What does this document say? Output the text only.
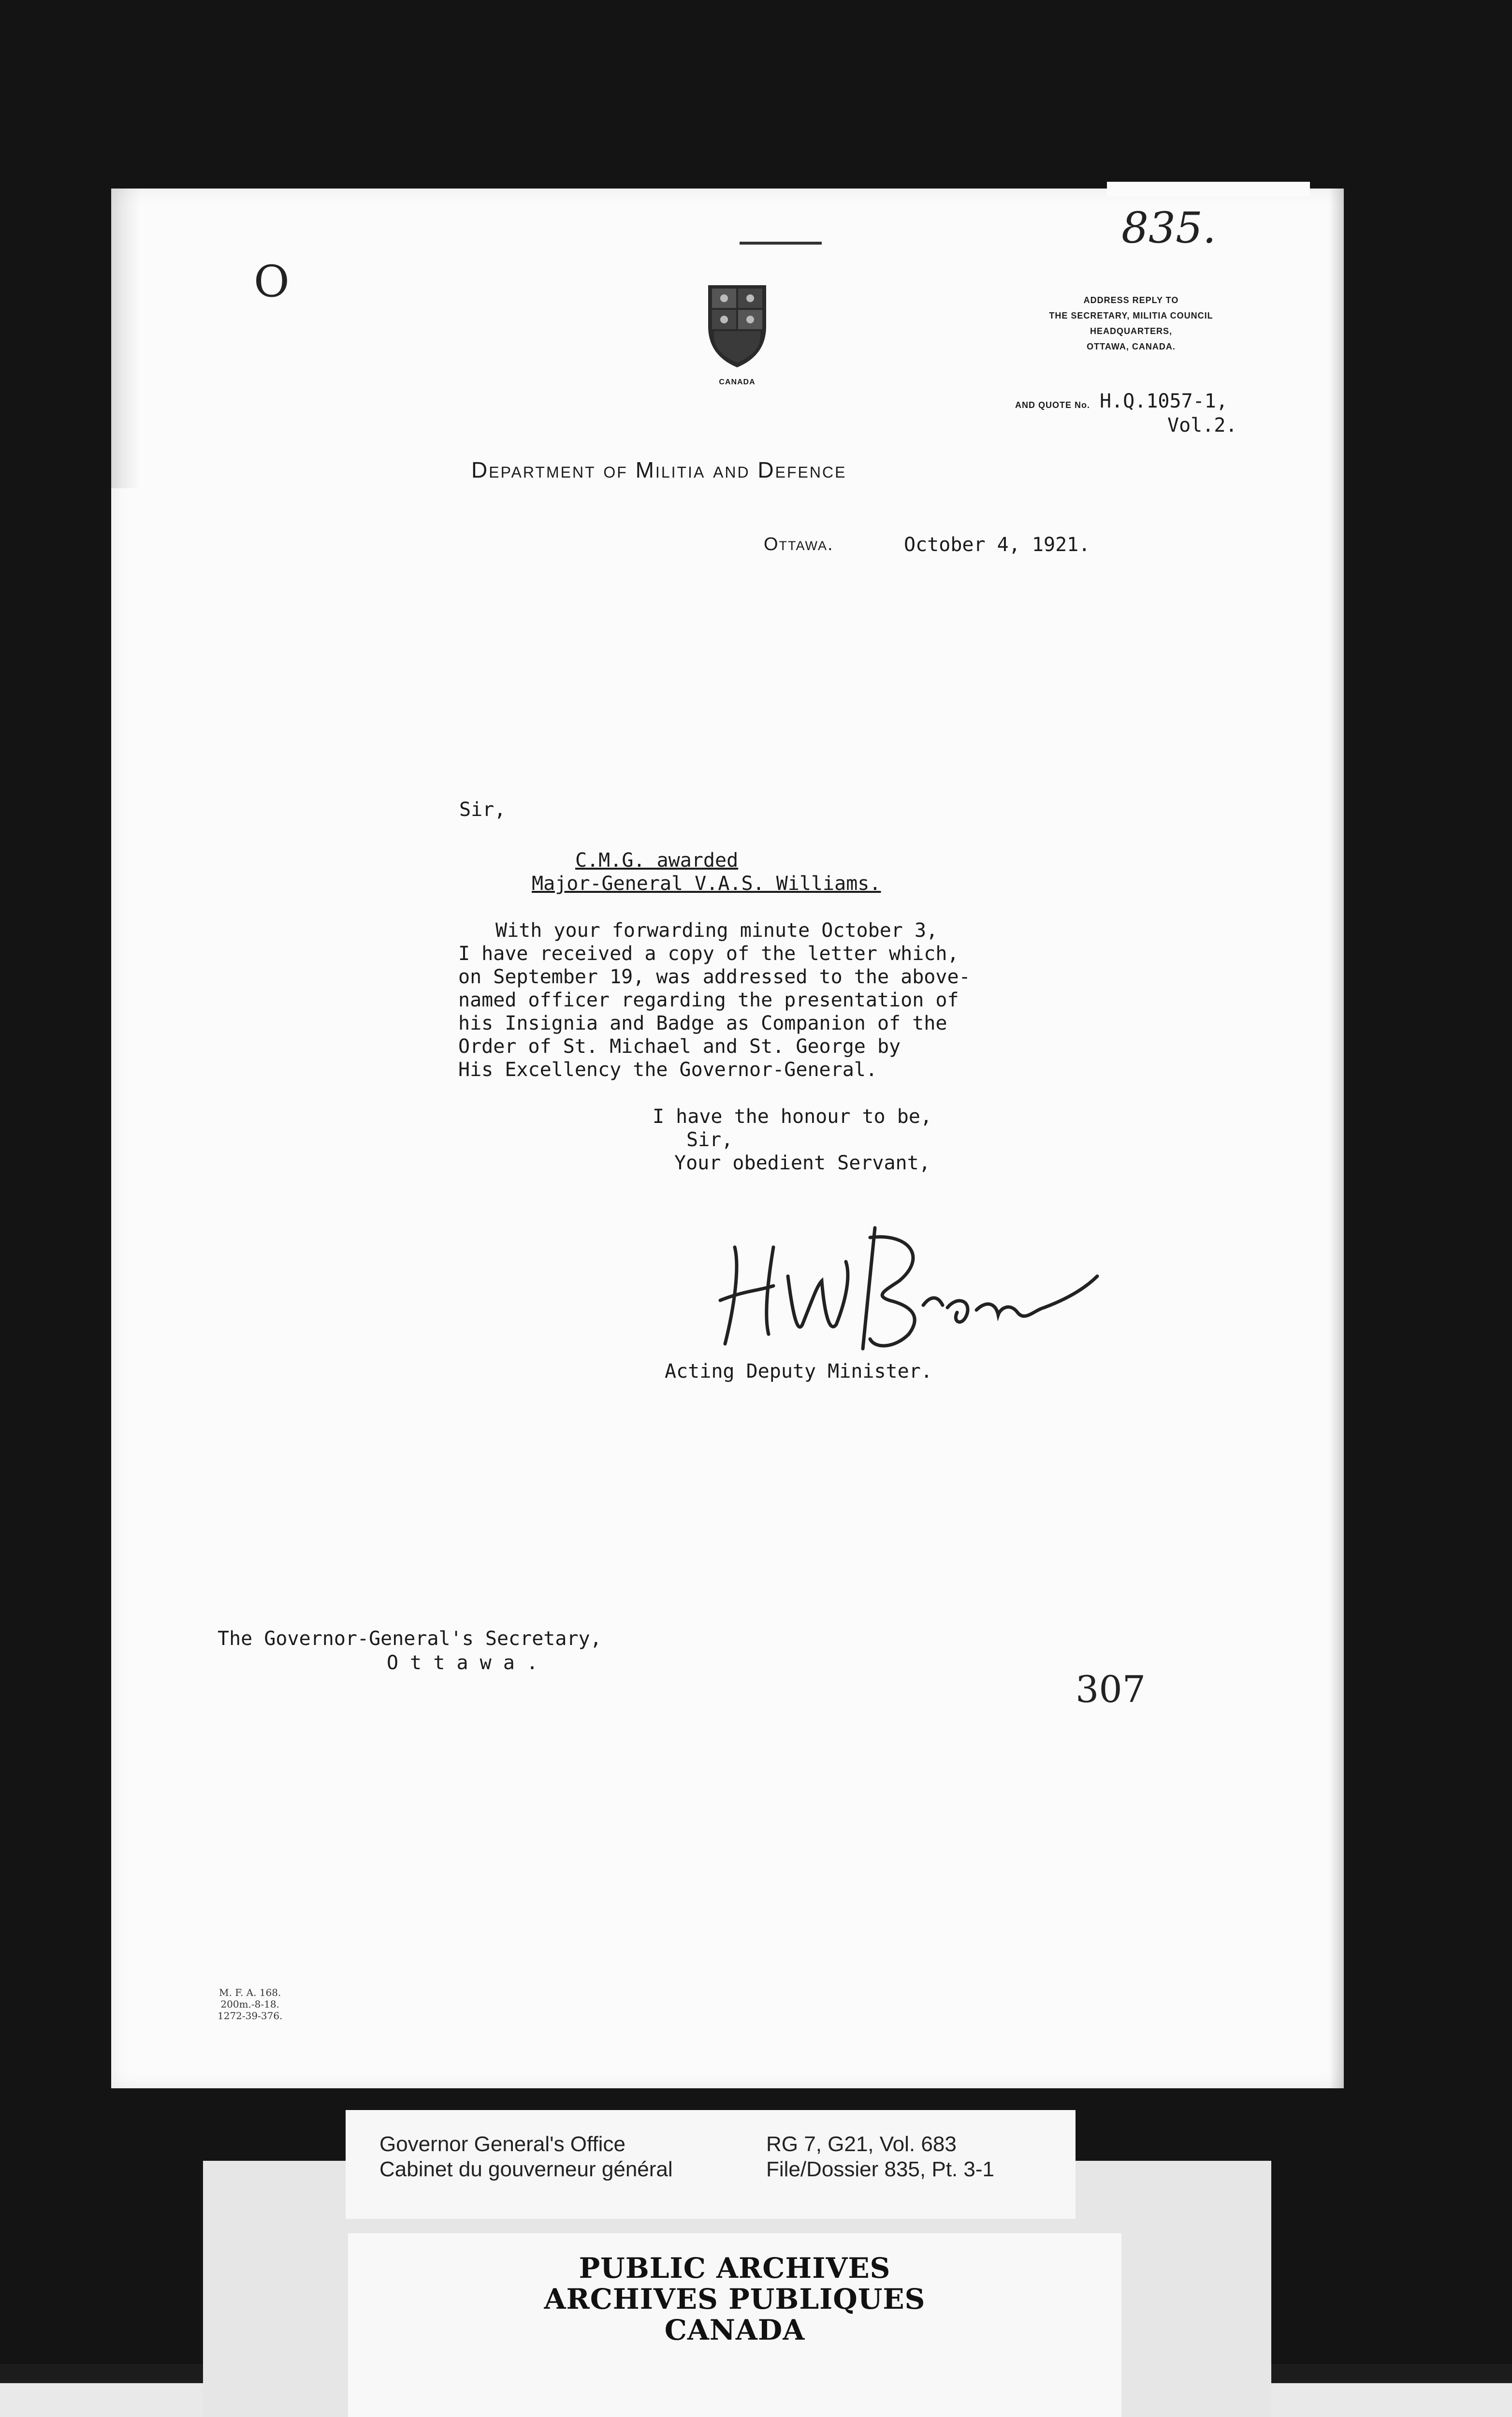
835.
O
CANADA
ADDRESS REPLY TO
THE SECRETARY, MILITIA COUNCIL
HEADQUARTERS,
OTTAWA, CANADA.
AND QUOTE No. H.Q.1057-1,
Vol.2.
Department of Militia and Defence
Ottawa.	October 4, 1921.
Sir,
C.M.G. awarded
Major-General V.A.S. Williams.
With your forwarding minute October 3,
I have received a copy of the letter which,
on September 19, was addressed to the above-
named officer regarding the presentation of
his Insignia and Badge as Companion of the
Order of St. Michael and St. George by
His Excellency the Governor-General.
I have the honour to be,
Sir,
Your obedient Servant,
Acting Deputy Minister.
The Governor-General's Secretary,
O t t a w a .
307
M. F. A. 168.
200m.-8-18.
1272-39-376.
PUBLIC ARCHIVES
ARCHIVES PUBLIQUES
CANADA
Governor General's Office
Cabinet du gouverneur général
RG 7, G21, Vol. 683
File/Dossier 835, Pt. 3-1
